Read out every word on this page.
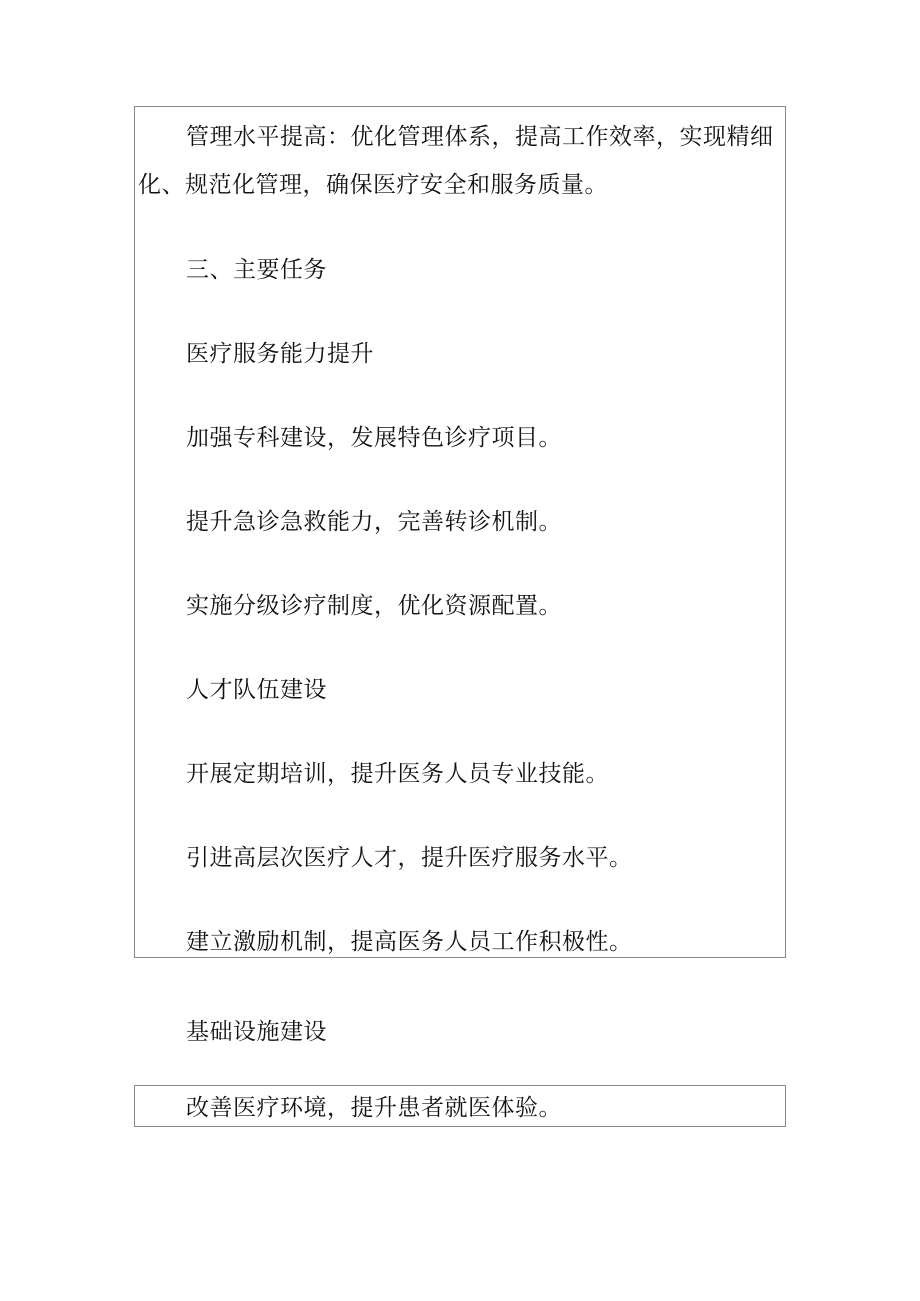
管理水平提高：优化管理体系，提高工作效率，实现精细化、规范化管理，确保医疗安全和服务质量。
三、主要任务
医疗服务能力提升
加强专科建设，发展特色诊疗项目。
提升急诊急救能力，完善转诊机制。
实施分级诊疗制度，优化资源配置。
人才队伍建设
开展定期培训，提升医务人员专业技能。
引进高层次医疗人才，提升医疗服务水平。
建立激励机制，提高医务人员工作积极性。
基础设施建设
改善医疗环境，提升患者就医体验。
